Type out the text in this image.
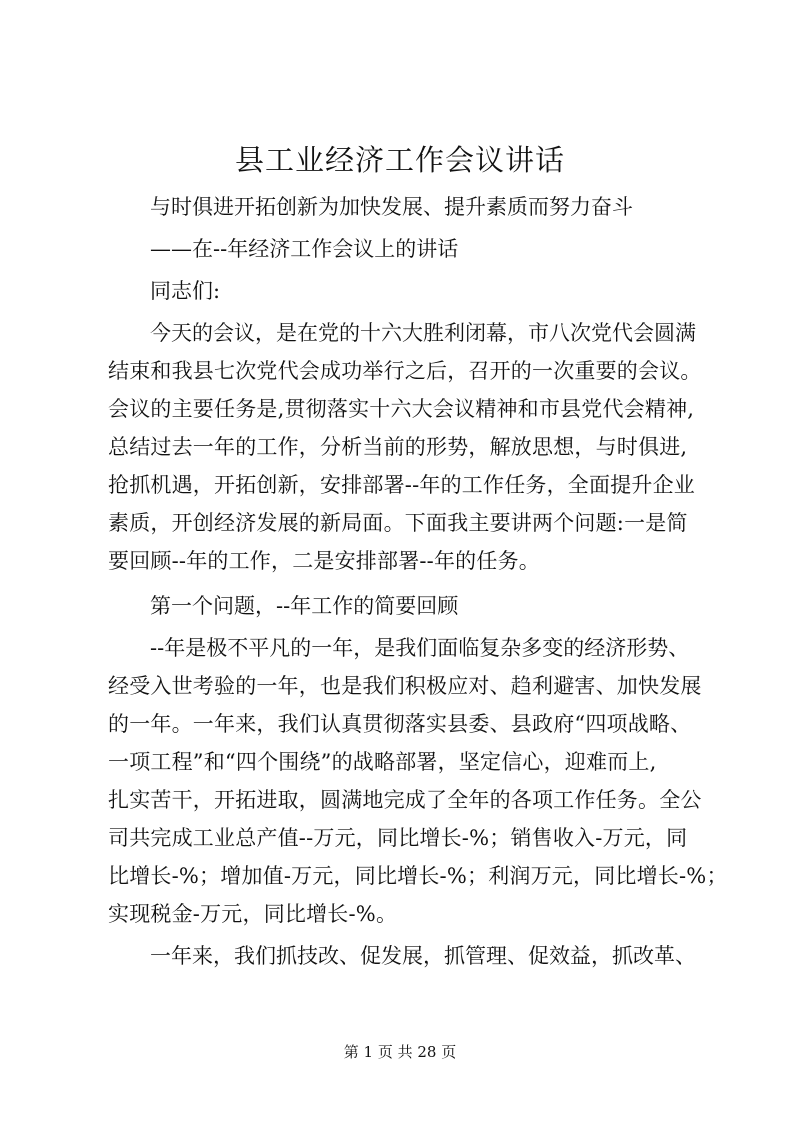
县工业经济工作会议讲话

与时俱进开拓创新为加快发展、提升素质而努力奋斗

——在--年经济工作会议上的讲话

同志们:

今天的会议，是在党的十六大胜利闭幕，市八次党代会圆满

结束和我县七次党代会成功举行之后，召开的一次重要的会议。

会议的主要任务是,贯彻落实十六大会议精神和市县党代会精神,

总结过去一年的工作，分析当前的形势，解放思想，与时俱进,

抢抓机遇，开拓创新，安排部署--年的工作任务，全面提升企业

素质，开创经济发展的新局面。下面我主要讲两个问题:一是简

要回顾--年的工作，二是安排部署--年的任务。

第一个问题，--年工作的简要回顾

--年是极不平凡的一年，是我们面临复杂多变的经济形势、

经受入世考验的一年，也是我们积极应对、趋利避害、加快发展

的一年。一年来，我们认真贯彻落实县委、县政府“四项战略、

一项工程”和“四个围绕”的战略部署，坚定信心，迎难而上,

扎实苦干，开拓进取，圆满地完成了全年的各项工作任务。全公

司共完成工业总产值--万元，同比增长-%；销售收入-万元，同

比增长-%；增加值-万元，同比增长-%；利润万元，同比增长-%；

实现税金-万元，同比增长-%。

一年来，我们抓技改、促发展，抓管理、促效益，抓改革、

第 1 页 共 28 页
